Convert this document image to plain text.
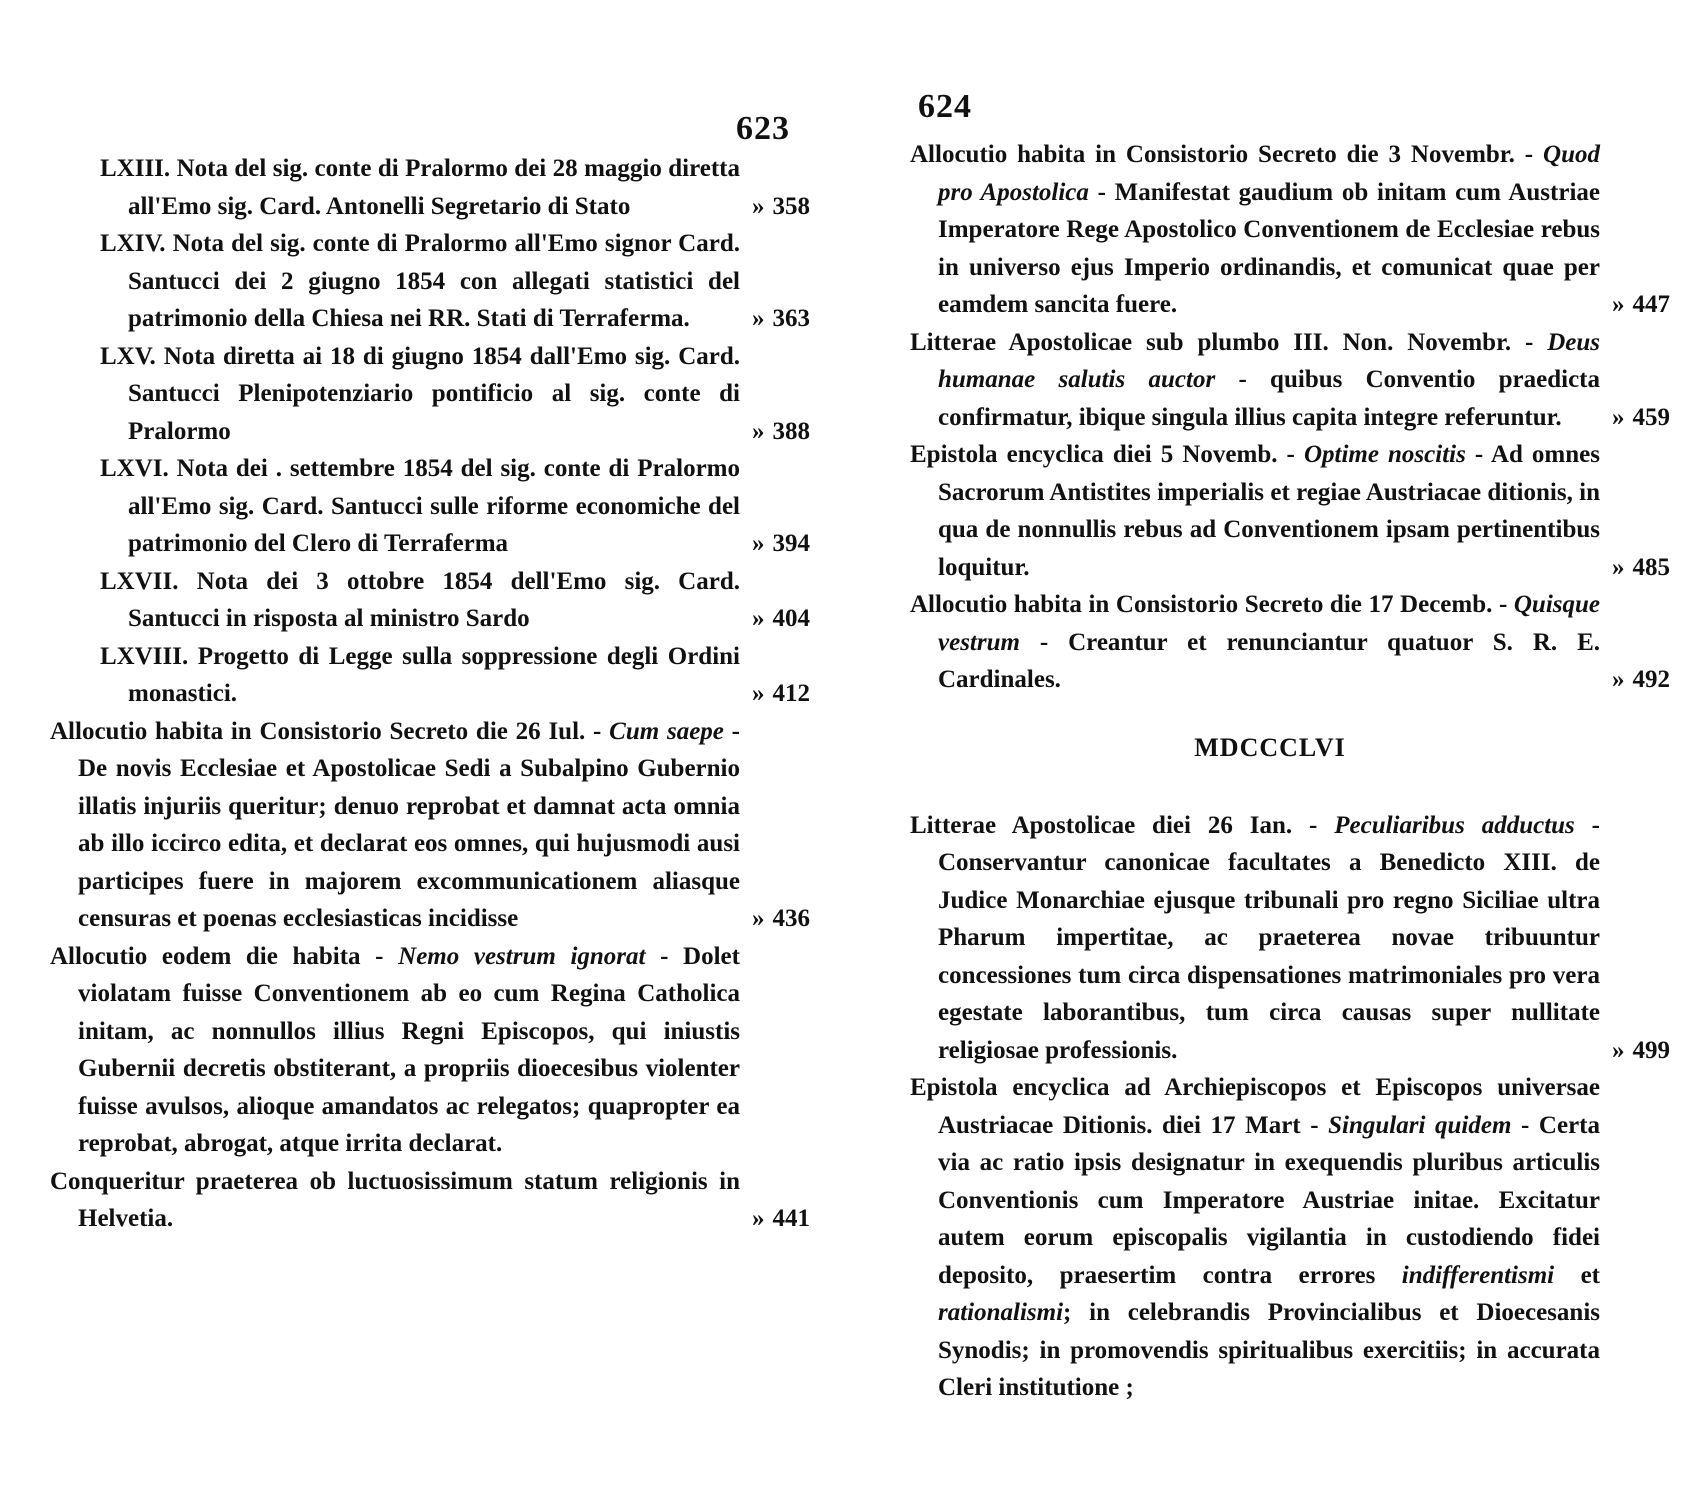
623
LXIII. Nota del sig. conte di Pralormo dei 28 maggio diretta all'Emo sig. Card. Antonelli Segretario di Stato	» 358
LXIV. Nota del sig. conte di Pralormo all'Emo signor Card. Santucci dei 2 giugno 1854 con allegati statistici del patrimonio della Chiesa nei RR. Stati di Terraferma.	» 363
LXV. Nota diretta ai 18 di giugno 1854 dall'Emo sig. Card. Santucci Plenipotenziario pontificio al sig. conte di Pralormo	» 388
LXVI. Nota dei . settembre 1854 del sig. conte di Pralormo all'Emo sig. Card. Santucci sulle riforme economiche del patrimonio del Clero di Terraferma	» 394
LXVII. Nota dei 3 ottobre 1854 dell'Emo sig. Card. Santucci in risposta al ministro Sardo	» 404
LXVIII. Progetto di Legge sulla soppressione degli Ordini monastici.	» 412
Allocutio habita in Consistorio Secreto die 26 Iul. - Cum saepe - De novis Ecclesiae et Apostolicae Sedi a Subalpino Gubernio illatis injuriis queritur; denuo reprobat et damnat acta omnia ab illo iccirco edita, et declarat eos omnes, qui hujusmodi ausi participes fuere in majorem excommunicationem aliasque censuras et poenas ecclesiasticas incidisse	» 436
Allocutio eodem die habita - Nemo vestrum ignorat - Dolet violatam fuisse Conventionem ab eo cum Regina Catholica initam, ac nonnullos illius Regni Episcopos, qui iniustis Gubernii decretis obstiterant, a propriis dioecesibus violenter fuisse avulsos, alioque amandatos ac relegatos; quapropter ea reprobat, abrogat, atque irrita declarat.
Conqueritur praeterea ob luctuosissimum statum religionis in Helvetia.	» 441
624
Allocutio habita in Consistorio Secreto die 3 Novembr. - Quod pro Apostolica - Manifestat gaudium ob initam cum Austriae Imperatore Rege Apostolico Conventionem de Ecclesiae rebus in universo ejus Imperio ordinandis, et comunicat quae per eamdem sancita fuere.	» 447
Litterae Apostolicae sub plumbo III. Non. Novembr. - Deus humanae salutis auctor - quibus Conventio praedicta confirmatur, ibique singula illius capita integre referuntur.	» 459
Epistola encyclica diei 5 Novemb. - Optime noscitis - Ad omnes Sacrorum Antistites imperialis et regiae Austriacae ditionis, in qua de nonnullis rebus ad Conventionem ipsam pertinentibus loquitur.	» 485
Allocutio habita in Consistorio Secreto die 17 Decemb. - Quisque vestrum - Creantur et renunciantur quatuor S. R. E. Cardinales.	» 492
MDCCCLVI
Litterae Apostolicae diei 26 Ian. - Peculiaribus adductus - Conservantur canonicae facultates a Benedicto XIII. de Judice Monarchiae ejusque tribunali pro regno Siciliae ultra Pharum impertitae, ac praeterea novae tribuuntur concessiones tum circa dispensationes matrimoniales pro vera egestate laborantibus, tum circa causas super nullitate religiosae professionis.	» 499
Epistola encyclica ad Archiepiscopos et Episcopos universae Austriacae Ditionis. diei 17 Mart - Singulari quidem - Certa via ac ratio ipsis designatur in exequendis pluribus articulis Conventionis cum Imperatore Austriae initae. Excitatur autem eorum episcopalis vigilantia in custodiendo fidei deposito, praesertim contra errores indifferentismi et rationalismi; in celebrandis Provincialibus et Dioecesanis Synodis; in promovendis spiritualibus exercitiis; in accurata Cleri institutione ;
